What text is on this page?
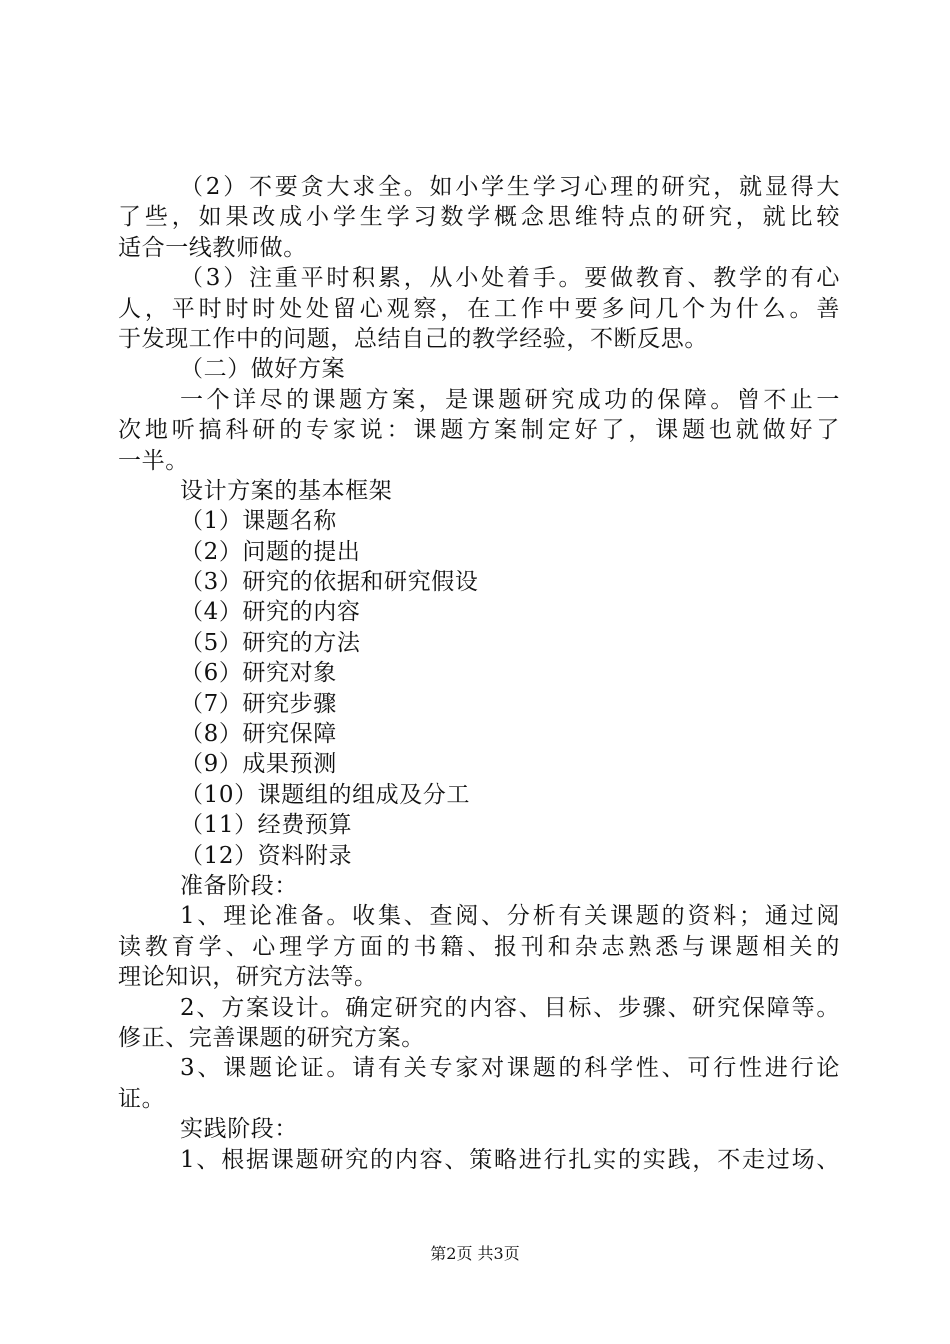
（2）不要贪大求全。如小学生学习心理的研究，就显得大
了些，如果改成小学生学习数学概念思维特点的研究，就比较
适合一线教师做。
（3）注重平时积累，从小处着手。要做教育、教学的有心
人，平时时时处处留心观察，在工作中要多问几个为什么。善
于发现工作中的问题，总结自己的教学经验，不断反思。
（二）做好方案
一个详尽的课题方案，是课题研究成功的保障。曾不止一
次地听搞科研的专家说：课题方案制定好了，课题也就做好了
一半。
设计方案的基本框架
（1）课题名称
（2）问题的提出
（3）研究的依据和研究假设
（4）研究的内容
（5）研究的方法
（6）研究对象
（7）研究步骤
（8）研究保障
（9）成果预测
（10）课题组的组成及分工
（11）经费预算
（12）资料附录
准备阶段：
1、理论准备。收集、查阅、分析有关课题的资料；通过阅
读教育学、心理学方面的书籍、报刊和杂志熟悉与课题相关的
理论知识，研究方法等。
2、方案设计。确定研究的内容、目标、步骤、研究保障等。
修正、完善课题的研究方案。
3、课题论证。请有关专家对课题的科学性、可行性进行论
证。
实践阶段：
1、根据课题研究的内容、策略进行扎实的实践，不走过场、
第2页 共3页
